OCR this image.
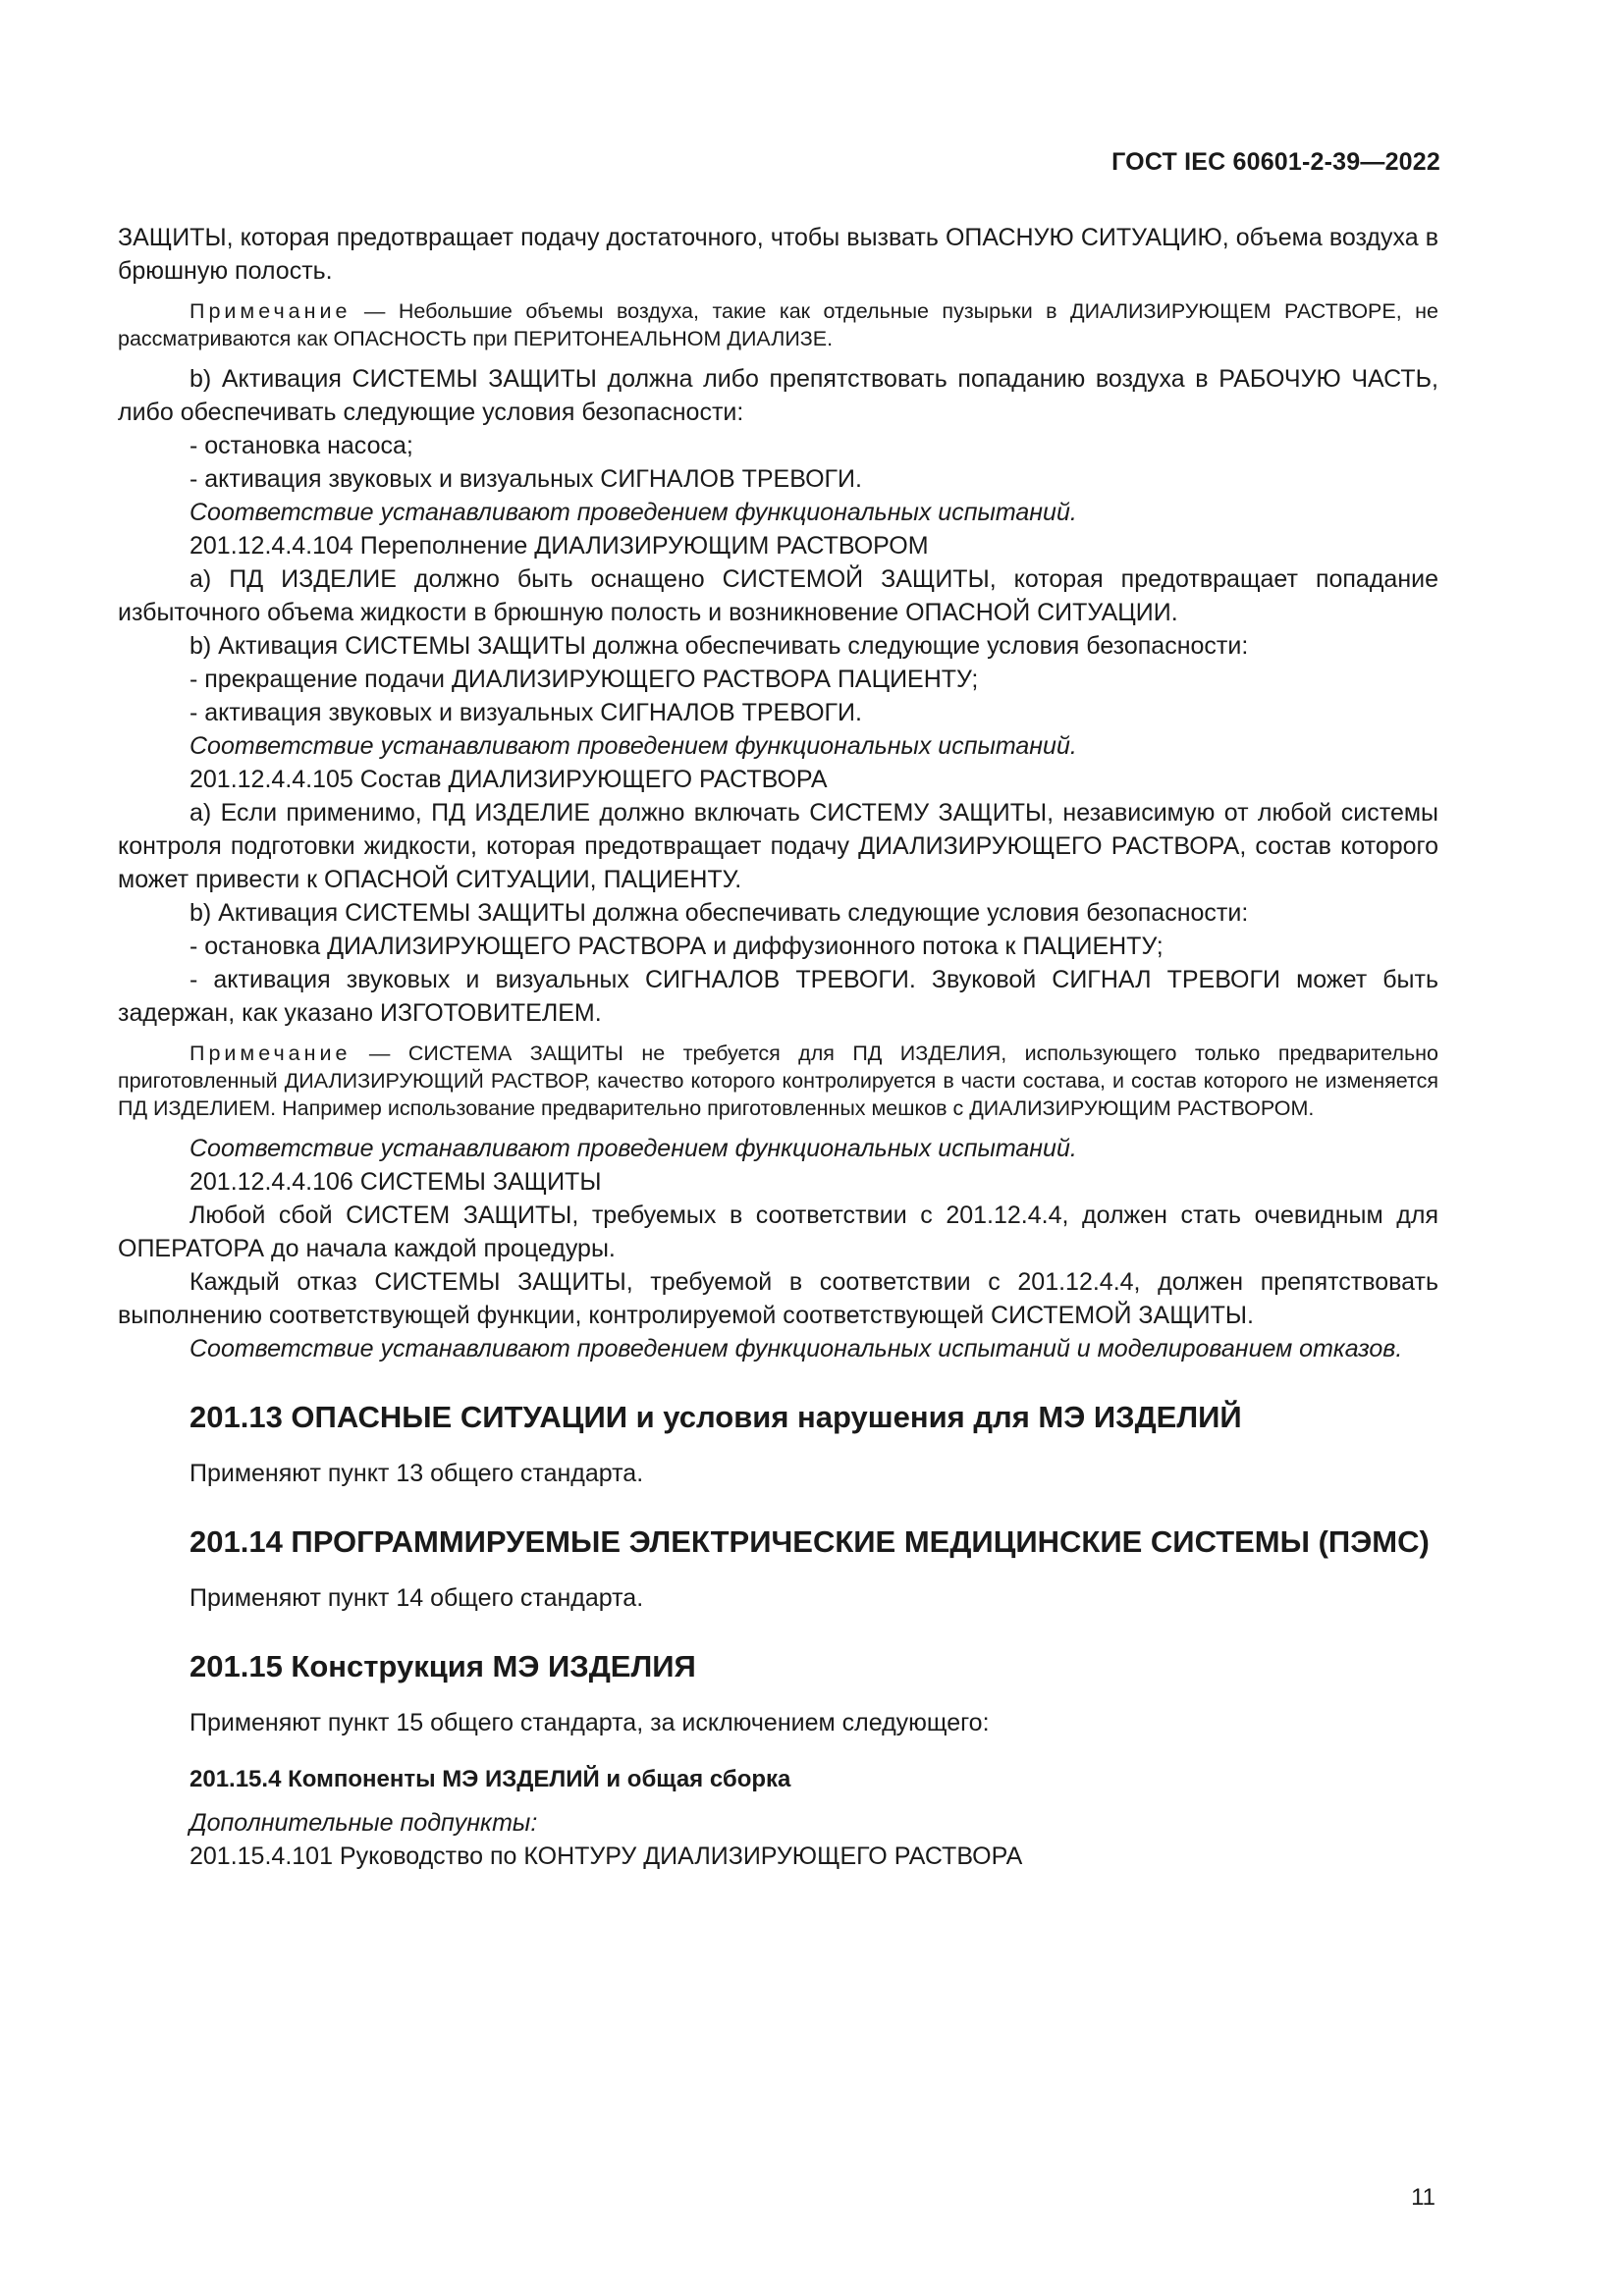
ГОСТ IEC 60601-2-39—2022

ЗАЩИТЫ, которая предотвращает подачу достаточного, чтобы вызвать ОПАСНУЮ СИТУАЦИЮ, объема воздуха в брюшную полость.

Примечание — Небольшие объемы воздуха, такие как отдельные пузырьки в ДИАЛИЗИРУЮЩЕМ РАСТВОРЕ, не рассматриваются как ОПАСНОСТЬ при ПЕРИТОНЕАЛЬНОМ ДИАЛИЗЕ.

b) Активация СИСТЕМЫ ЗАЩИТЫ должна либо препятствовать попаданию воздуха в РАБОЧУЮ ЧАСТЬ, либо обеспечивать следующие условия безопасности:

- остановка насоса;

- активация звуковых и визуальных СИГНАЛОВ ТРЕВОГИ.

Соответствие устанавливают проведением функциональных испытаний.

201.12.4.4.104 Переполнение ДИАЛИЗИРУЮЩИМ РАСТВОРОМ

а) ПД ИЗДЕЛИЕ должно быть оснащено СИСТЕМОЙ ЗАЩИТЫ, которая предотвращает попадание избыточного объема жидкости в брюшную полость и возникновение ОПАСНОЙ СИТУАЦИИ.

b) Активация СИСТЕМЫ ЗАЩИТЫ должна обеспечивать следующие условия безопасности:

- прекращение подачи ДИАЛИЗИРУЮЩЕГО РАСТВОРА ПАЦИЕНТУ;

- активация звуковых и визуальных СИГНАЛОВ ТРЕВОГИ.

Соответствие устанавливают проведением функциональных испытаний.

201.12.4.4.105 Состав ДИАЛИЗИРУЮЩЕГО РАСТВОРА

а) Если применимо, ПД ИЗДЕЛИЕ должно включать СИСТЕМУ ЗАЩИТЫ, независимую от любой системы контроля подготовки жидкости, которая предотвращает подачу ДИАЛИЗИРУЮЩЕГО РАСТВОРА, состав которого может привести к ОПАСНОЙ СИТУАЦИИ, ПАЦИЕНТУ.

b) Активация СИСТЕМЫ ЗАЩИТЫ должна обеспечивать следующие условия безопасности:

- остановка ДИАЛИЗИРУЮЩЕГО РАСТВОРА и диффузионного потока к ПАЦИЕНТУ;

- активация звуковых и визуальных СИГНАЛОВ ТРЕВОГИ. Звуковой СИГНАЛ ТРЕВОГИ может быть задержан, как указано ИЗГОТОВИТЕЛЕМ.

Примечание — СИСТЕМА ЗАЩИТЫ не требуется для ПД ИЗДЕЛИЯ, использующего только предварительно приготовленный ДИАЛИЗИРУЮЩИЙ РАСТВОР, качество которого контролируется в части состава, и состав которого не изменяется ПД ИЗДЕЛИЕМ. Например использование предварительно приготовленных мешков с ДИАЛИЗИРУЮЩИМ РАСТВОРОМ.

Соответствие устанавливают проведением функциональных испытаний.

201.12.4.4.106 СИСТЕМЫ ЗАЩИТЫ

Любой сбой СИСТЕМ ЗАЩИТЫ, требуемых в соответствии с 201.12.4.4, должен стать очевидным для ОПЕРАТОРА до начала каждой процедуры.

Каждый отказ СИСТЕМЫ ЗАЩИТЫ, требуемой в соответствии с 201.12.4.4, должен препятствовать выполнению соответствующей функции, контролируемой соответствующей СИСТЕМОЙ ЗАЩИТЫ.

Соответствие устанавливают проведением функциональных испытаний и моделированием отказов.

201.13 ОПАСНЫЕ СИТУАЦИИ и условия нарушения для МЭ ИЗДЕЛИЙ

Применяют пункт 13 общего стандарта.

201.14 ПРОГРАММИРУЕМЫЕ ЭЛЕКТРИЧЕСКИЕ МЕДИЦИНСКИЕ СИСТЕМЫ (ПЭМС)

Применяют пункт 14 общего стандарта.

201.15 Конструкция МЭ ИЗДЕЛИЯ

Применяют пункт 15 общего стандарта, за исключением следующего:

201.15.4 Компоненты МЭ ИЗДЕЛИЙ и общая сборка

Дополнительные подпункты:

201.15.4.101 Руководство по КОНТУРУ ДИАЛИЗИРУЮЩЕГО РАСТВОРА

11
